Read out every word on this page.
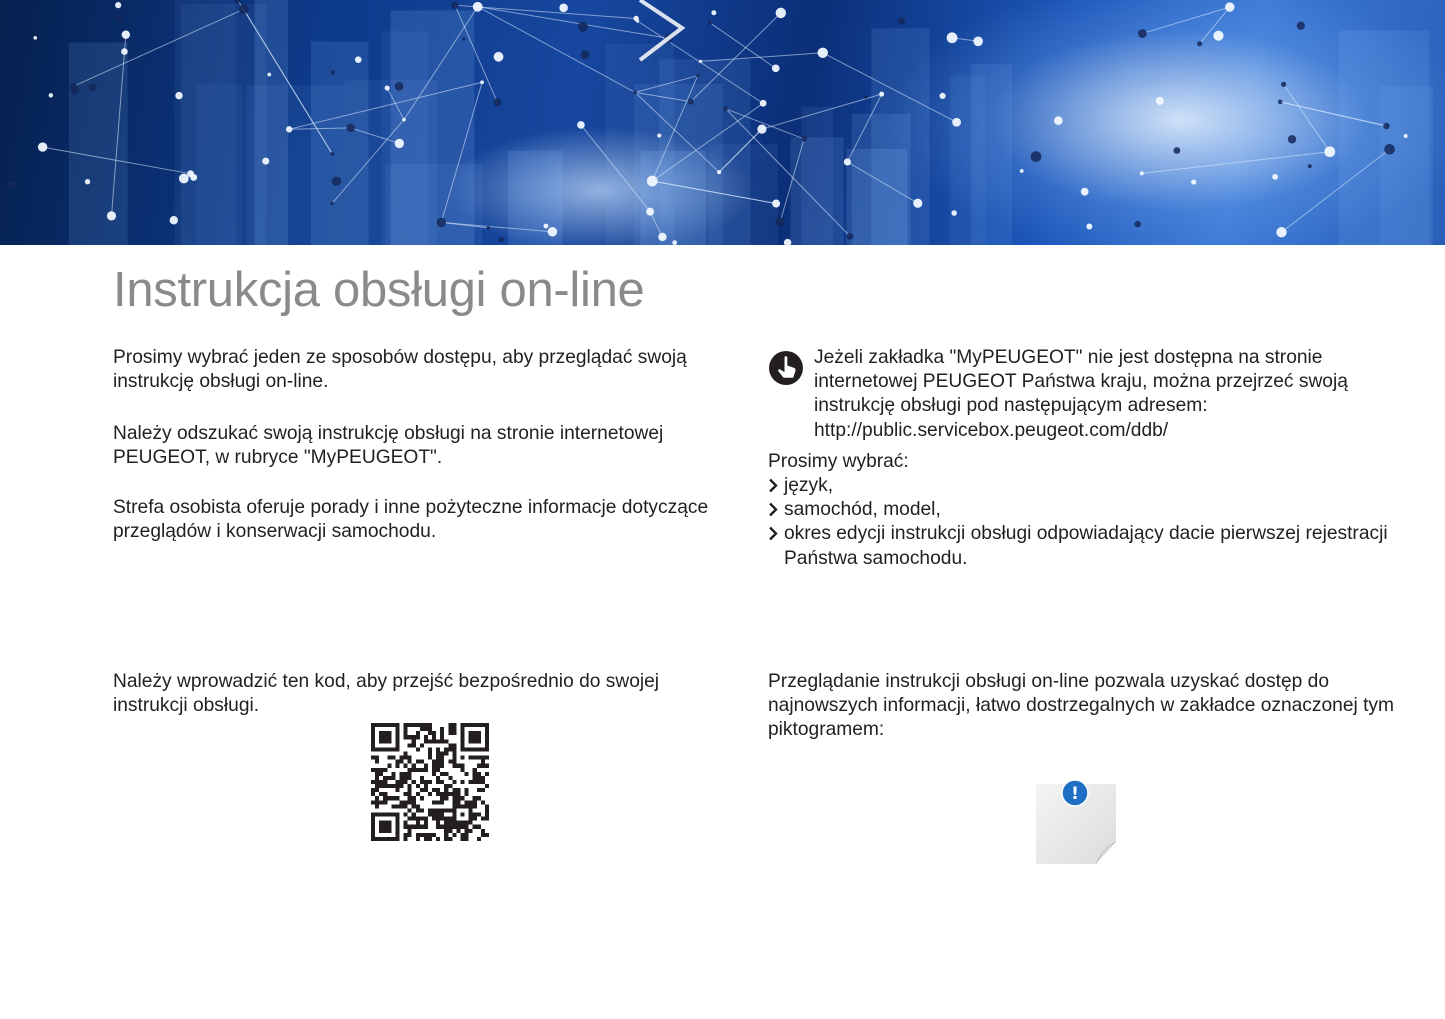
Instrukcja obsługi on-line

Prosimy wybrać jeden ze sposobów dostępu, aby przeglądać swoją instrukcję obsługi on-line.

Należy odszukać swoją instrukcję obsługi na stronie internetowej PEUGEOT, w rubryce "MyPEUGEOT".

Strefa osobista oferuje porady i inne pożyteczne informacje dotyczące przeglądów i konserwacji samochodu.

Jeżeli zakładka "MyPEUGEOT" nie jest dostępna na stronie internetowej PEUGEOT Państwa kraju, można przejrzeć swoją instrukcję obsługi pod następującym adresem: http://public.servicebox.peugeot.com/ddb/

Prosimy wybrać:

język,
samochód, model,
okres edycji instrukcji obsługi odpowiadający dacie pierwszej rejestracji Państwa samochodu.

Należy wprowadzić ten kod, aby przejść bezpośrednio do swojej instrukcji obsługi.

Przeglądanie instrukcji obsługi on-line pozwala uzyskać dostęp do najnowszych informacji, łatwo dostrzegalnych w zakładce oznaczonej tym piktogramem:

!
